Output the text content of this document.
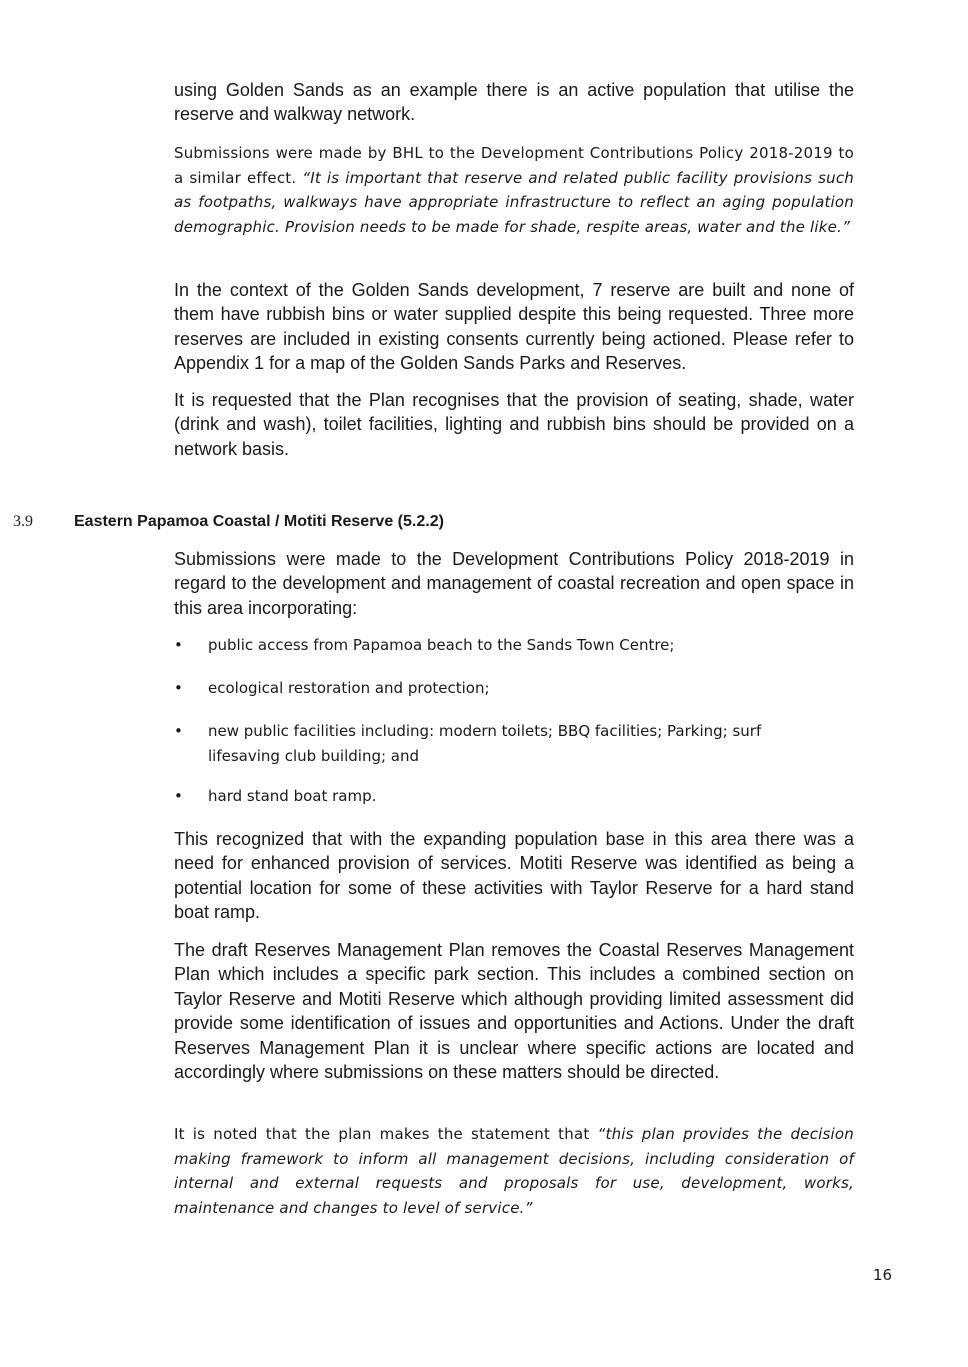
using Golden Sands as an example there is an active population that utilise the reserve and walkway network.

Submissions were made by BHL to the Development Contributions Policy 2018-2019 to a similar effect. “It is important that reserve and related public facility provisions such as footpaths, walkways have appropriate infrastructure to reflect an aging population demographic. Provision needs to be made for shade, respite areas, water and the like.”

In the context of the Golden Sands development, 7 reserve are built and none of them have rubbish bins or water supplied despite this being requested. Three more reserves are included in existing consents currently being actioned. Please refer to Appendix 1 for a map of the Golden Sands Parks and Reserves.

It is requested that the Plan recognises that the provision of seating, shade, water (drink and wash), toilet facilities, lighting and rubbish bins should be provided on a network basis.

3.9	Eastern Papamoa Coastal / Motiti Reserve (5.2.2)

Submissions were made to the Development Contributions Policy 2018-2019 in regard to the development and management of coastal recreation and open space in this area incorporating:

• public access from Papamoa beach to the Sands Town Centre;
• ecological restoration and protection;
• new public facilities including: modern toilets; BBQ facilities; Parking; surf lifesaving club building; and
• hard stand boat ramp.

This recognized that with the expanding population base in this area there was a need for enhanced provision of services. Motiti Reserve was identified as being a potential location for some of these activities with Taylor Reserve for a hard stand boat ramp.

The draft Reserves Management Plan removes the Coastal Reserves Management Plan which includes a specific park section. This includes a combined section on Taylor Reserve and Motiti Reserve which although providing limited assessment did provide some identification of issues and opportunities and Actions. Under the draft Reserves Management Plan it is unclear where specific actions are located and accordingly where submissions on these matters should be directed.

It is noted that the plan makes the statement that “this plan provides the decision making framework to inform all management decisions, including consideration of internal and external requests and proposals for use, development, works, maintenance and changes to level of service.”

16
